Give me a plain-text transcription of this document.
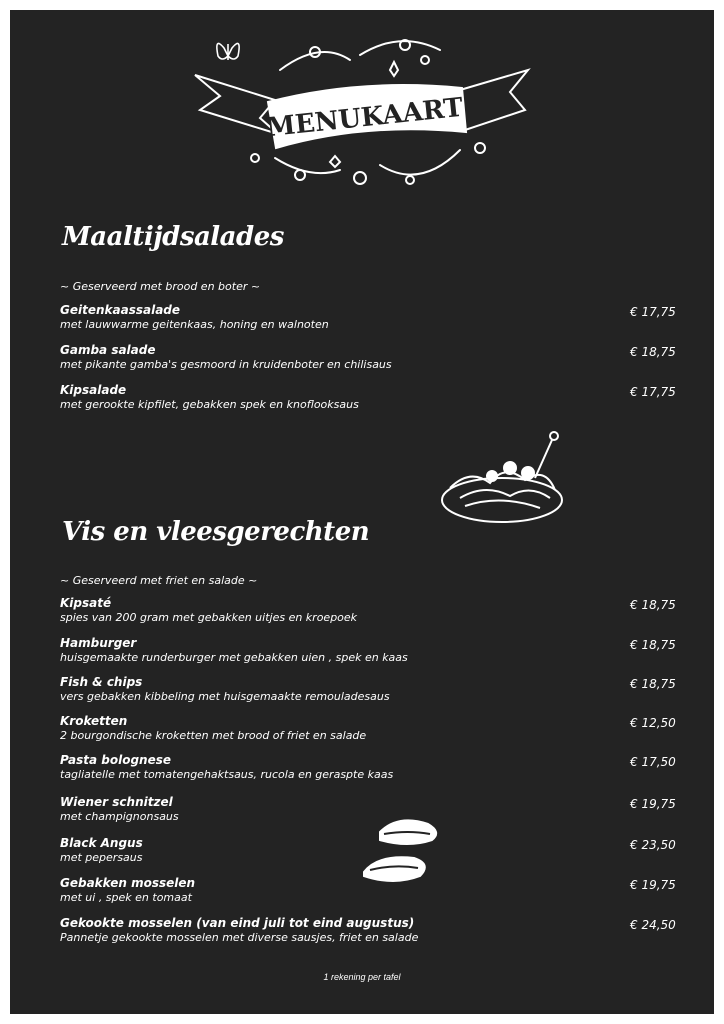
MENUKAART
Maaltijdsalades
~ Geserveerd met brood en boter ~
Geitenkaassalade
met lauwwarme geitenkaas, honing en walnoten
€ 17,75
Gamba salade
met pikante gamba's gesmoord in kruidenboter en chilisaus
€ 18,75
Kipsalade
met gerookte kipfilet, gebakken spek en knoflooksaus
€ 17,75
Vis en vleesgerechten
~ Geserveerd met friet en salade ~
Kipsaté
spies van 200 gram met gebakken uitjes en kroepoek
€ 18,75
Hamburger
huisgemaakte runderburger met gebakken uien , spek en kaas
€ 18,75
Fish & chips
vers gebakken kibbeling met huisgemaakte remouladesaus
€ 18,75
Kroketten
2 bourgondische kroketten met brood of friet en salade
€ 12,50
Pasta bolognese
tagliatelle met tomatengehaktsaus, rucola en geraspte kaas
€ 17,50
Wiener schnitzel
met champignonsaus
€ 19,75
Black Angus
met pepersaus
€ 23,50
Gebakken mosselen
met ui , spek en tomaat
€ 19,75
Gekookte mosselen (van eind juli tot eind augustus)
Pannetje gekookte mosselen met diverse sausjes, friet en salade
€ 24,50
1 rekening per tafel
